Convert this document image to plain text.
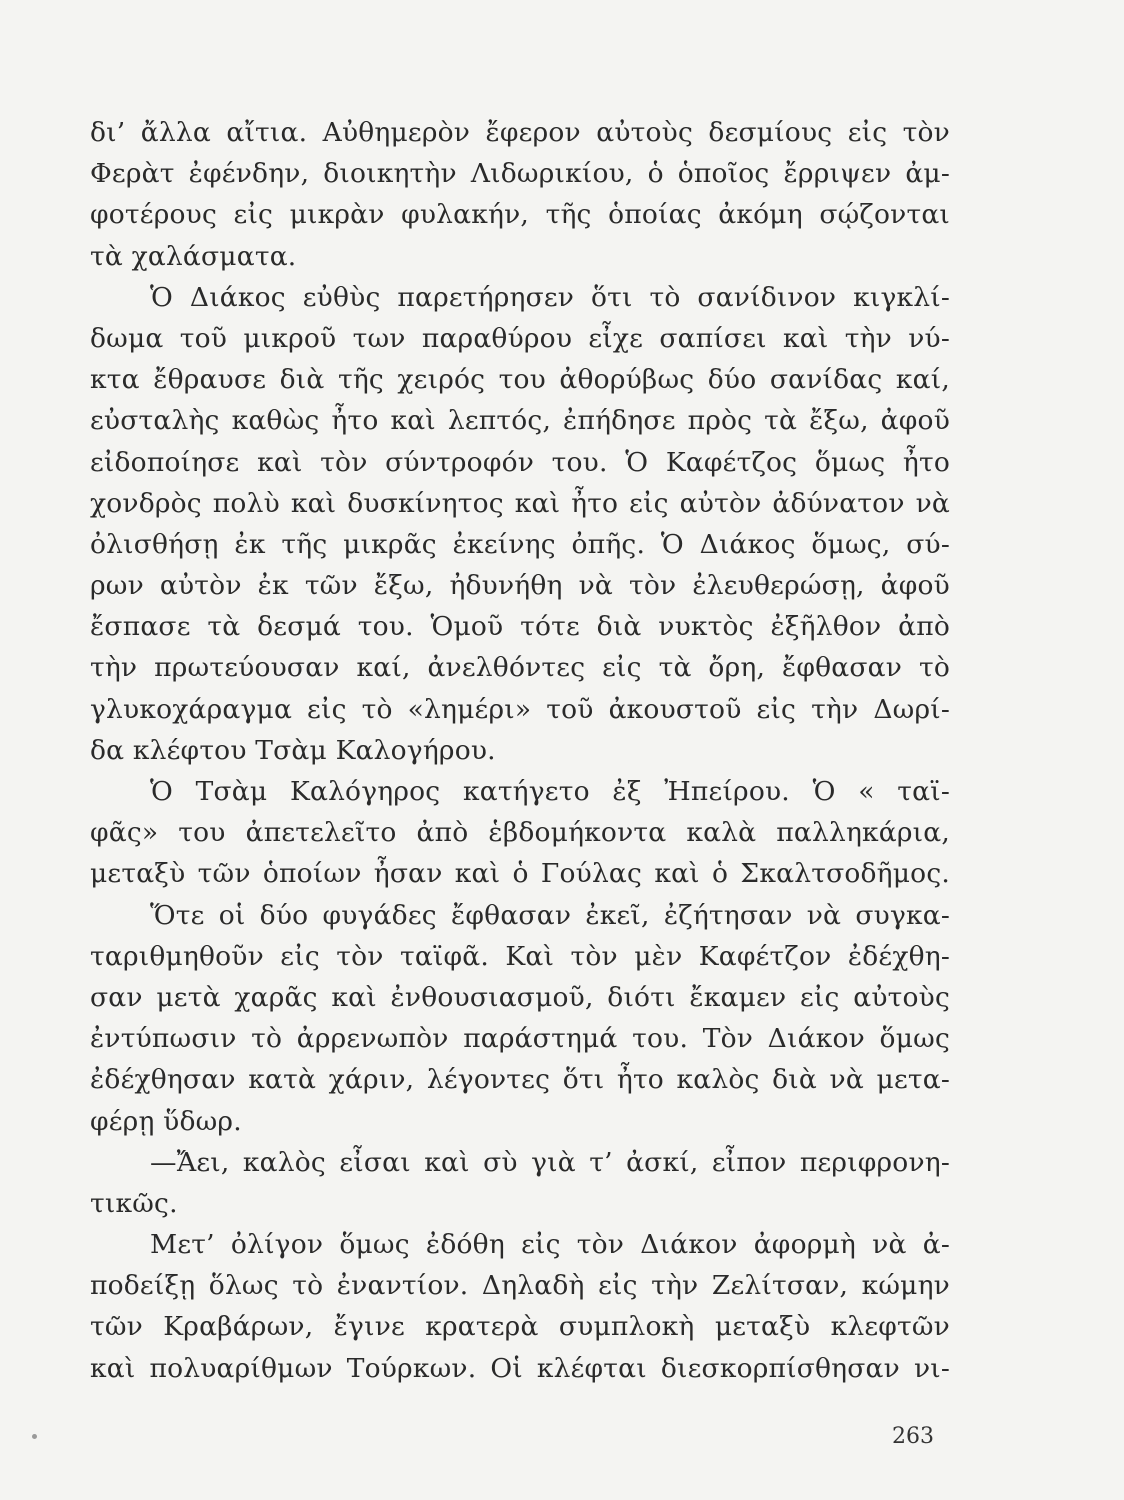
δι’ ἄλλα αἴτια. Αὐθημερὸν ἔφερον αὐτοὺς δεσμίους εἰς τὸν
Φερὰτ ἐφένδην, διοικητὴν Λιδωρικίου, ὁ ὁποῖος ἔρριψεν ἀμ-
φοτέρους εἰς μικρὰν φυλακήν, τῆς ὁποίας ἀκόμη σῴζονται
τὰ χαλάσματα.
Ὁ Διάκος εὐθὺς παρετήρησεν ὅτι τὸ σανίδινον κιγκλί-
δωμα τοῦ μικροῦ των παραθύρου εἶχε σαπίσει καὶ τὴν νύ-
κτα ἔθραυσε διὰ τῆς χειρός του ἀθορύβως δύο σανίδας καί,
εὐσταλὴς καθὼς ἦτο καὶ λεπτός, ἐπήδησε πρὸς τὰ ἔξω, ἀφοῦ
εἰδοποίησε καὶ τὸν σύντροφόν του. Ὁ Καφέτζος ὅμως ἦτο
χονδρὸς πολὺ καὶ δυσκίνητος καὶ ἦτο εἰς αὐτὸν ἀδύνατον νὰ
ὀλισθήσῃ ἐκ τῆς μικρᾶς ἐκείνης ὀπῆς. Ὁ Διάκος ὅμως, σύ-
ρων αὐτὸν ἐκ τῶν ἔξω, ἠδυνήθη νὰ τὸν ἐλευθερώσῃ, ἀφοῦ
ἔσπασε τὰ δεσμά του. Ὁμοῦ τότε διὰ νυκτὸς ἐξῆλθον ἀπὸ
τὴν πρωτεύουσαν καί, ἀνελθόντες εἰς τὰ ὄρη, ἔφθασαν τὸ
γλυκοχάραγμα εἰς τὸ «λημέρι» τοῦ ἀκουστοῦ εἰς τὴν Δωρί-
δα κλέφτου Τσὰμ Καλογήρου.
Ὁ Τσὰμ Καλόγηρος κατήγετο ἐξ Ἠπείρου. Ὁ « ταϊ-
φᾶς» του ἀπετελεῖτο ἀπὸ ἑβδομήκοντα καλὰ παλληκάρια,
μεταξὺ τῶν ὁποίων ἦσαν καὶ ὁ Γούλας καὶ ὁ Σκαλτσοδῆμος.
Ὅτε οἱ δύο φυγάδες ἔφθασαν ἐκεῖ, ἐζήτησαν νὰ συγκα-
ταριθμηθοῦν εἰς τὸν ταϊφᾶ. Καὶ τὸν μὲν Καφέτζον ἐδέχθη-
σαν μετὰ χαρᾶς καὶ ἐνθουσιασμοῦ, διότι ἔκαμεν εἰς αὐτοὺς
ἐντύπωσιν τὸ ἀρρενωπὸν παράστημά του. Τὸν Διάκον ὅμως
ἐδέχθησαν κατὰ χάριν, λέγοντες ὅτι ἦτο καλὸς διὰ νὰ μετα-
φέρῃ ὕδωρ.
—Ἄει, καλὸς εἶσαι καὶ σὺ γιὰ τ’ ἀσκί, εἶπον περιφρονη-
τικῶς.
Μετ’ ὀλίγον ὅμως ἐδόθη εἰς τὸν Διάκον ἀφορμὴ νὰ ἀ-
ποδείξῃ ὅλως τὸ ἐναντίον. Δηλαδὴ εἰς τὴν Ζελίτσαν, κώμην
τῶν Κραβάρων, ἔγινε κρατερὰ συμπλοκὴ μεταξὺ κλεφτῶν
καὶ πολυαρίθμων Τούρκων. Οἱ κλέφται διεσκορπίσθησαν νι-
263
